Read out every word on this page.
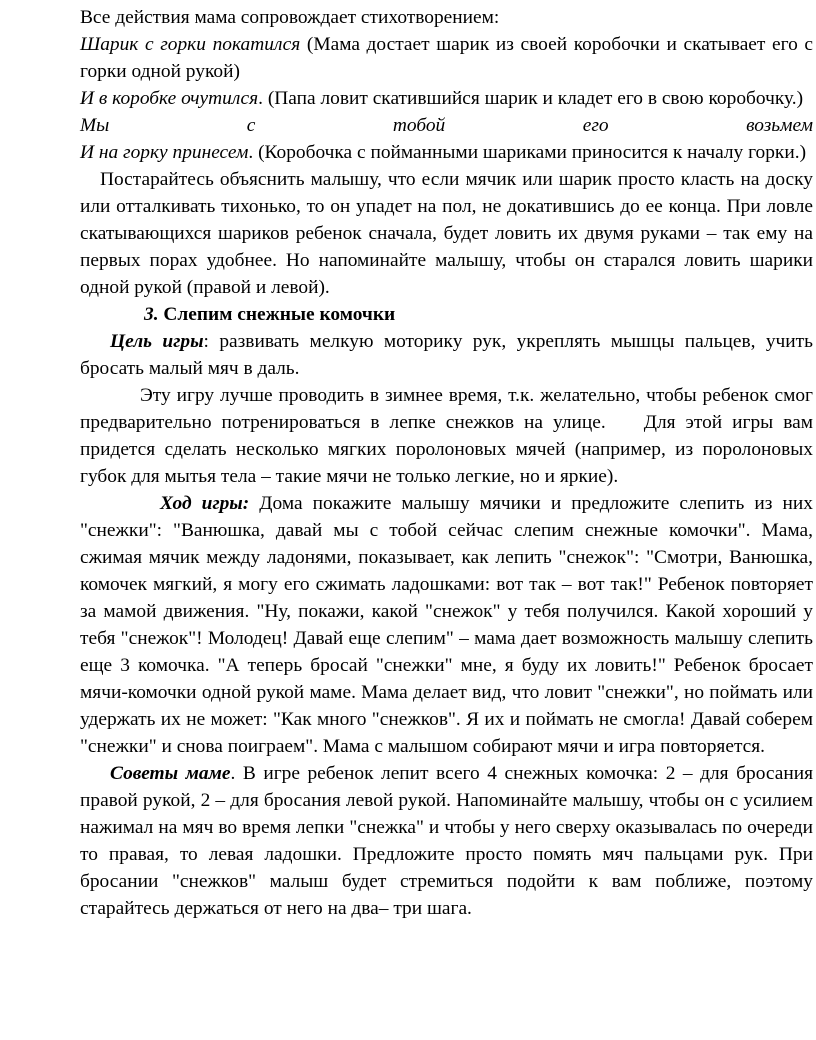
Все действия мама сопровождает стихотворением:

Шарик с горки покатился (Мама достает шарик из своей коробочки и скатывает его с горки одной рукой)

И в коробке очутился. (Папа ловит скатившийся шарик и кладет его в свою коробочку.)

Мы	с	тобой	его	возьмем

И на горку принесем. (Коробочка с пойманными шариками приносится к началу горки.)

Постарайтесь объяснить малышу, что если мячик или шарик просто класть на доску или отталкивать тихонько, то он упадет на пол, не докатившись до ее конца. При ловле скатывающихся шариков ребенок сначала, будет ловить их двумя руками – так ему на первых порах удобнее. Но напоминайте малышу, чтобы он старался ловить шарики одной рукой (правой и левой).

3. Слепим снежные комочки

Цель игры: развивать мелкую моторику рук, укреплять мышцы пальцев, учить бросать малый мяч в даль.

Эту игру лучше проводить в зимнее время, т.к. желательно, чтобы ребенок смог предварительно потренироваться в лепке снежков на улице. Для этой игры вам придется сделать несколько мягких поролоновых мячей (например, из поролоновых губок для мытья тела – такие мячи не только легкие, но и яркие).

Ход игры: Дома покажите малышу мячики и предложите слепить из них "снежки": "Ванюшка, давай мы с тобой сейчас слепим снежные комочки". Мама, сжимая мячик между ладонями, показывает, как лепить "снежок": "Смотри, Ванюшка, комочек мягкий, я могу его сжимать ладошками: вот так – вот так!" Ребенок повторяет за мамой движения. "Ну, покажи, какой "снежок" у тебя получился. Какой хороший у тебя "снежок"! Молодец! Давай еще слепим" – мама дает возможность малышу слепить еще 3 комочка. "А теперь бросай "снежки" мне, я буду их ловить!" Ребенок бросает мячи-комочки одной рукой маме. Мама делает вид, что ловит "снежки", но поймать или удержать их не может: "Как много "снежков". Я их и поймать не смогла! Давай соберем "снежки" и снова поиграем". Мама с малышом собирают мячи и игра повторяется.

Советы маме. В игре ребенок лепит всего 4 снежных комочка: 2 – для бросания правой рукой, 2 – для бросания левой рукой. Напоминайте малышу, чтобы он с усилием нажимал на мяч во время лепки "снежка" и чтобы у него сверху оказывалась по очереди то правая, то левая ладошки. Предложите просто помять мяч пальцами рук. При бросании "снежков" малыш будет стремиться подойти к вам поближе, поэтому старайтесь держаться от него на два– три шага.
